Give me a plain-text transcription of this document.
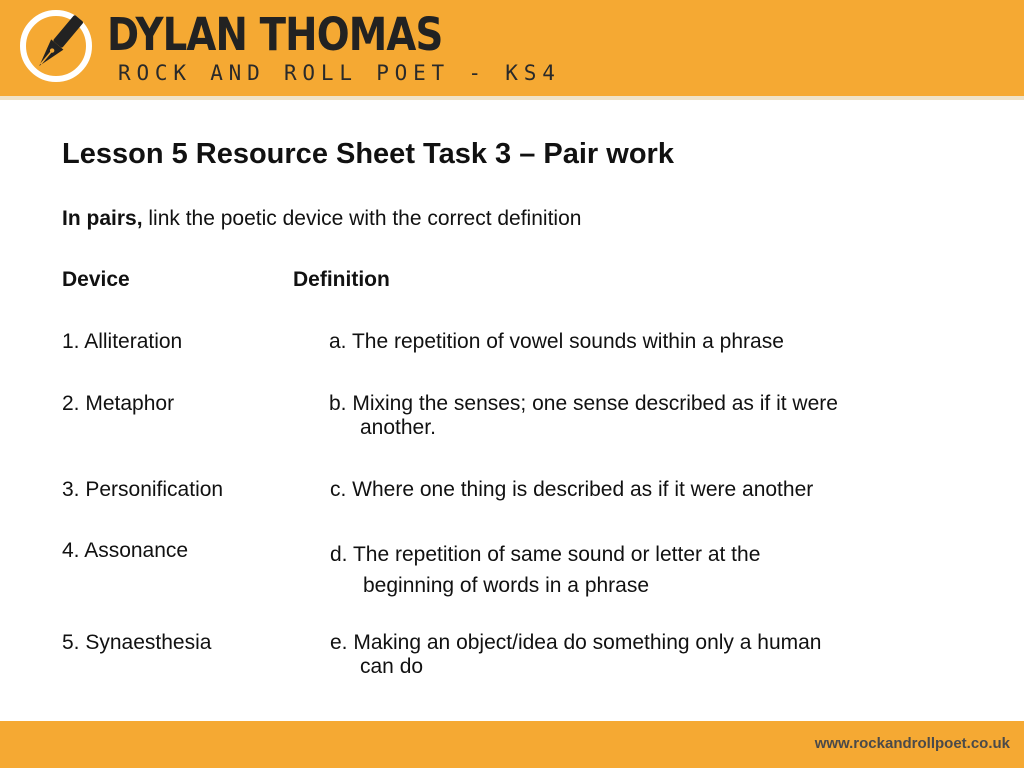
DYLAN THOMAS
ROCK AND ROLL POET - KS4
Lesson 5 Resource Sheet Task 3 – Pair work
In pairs, link the poetic device with the correct definition
Device	Definition
1. Alliteration
2. Metaphor
3. Personification
4. Assonance
5. Synaesthesia
a. The repetition of vowel sounds within a phrase
b. Mixing the senses; one sense described as if it were
another.
c. Where one thing is described as if it were another
d. The repetition of same sound or letter at the
beginning of words in a phrase
e. Making an object/idea do something only a human
can do
www.rockandrollpoet.co.uk
